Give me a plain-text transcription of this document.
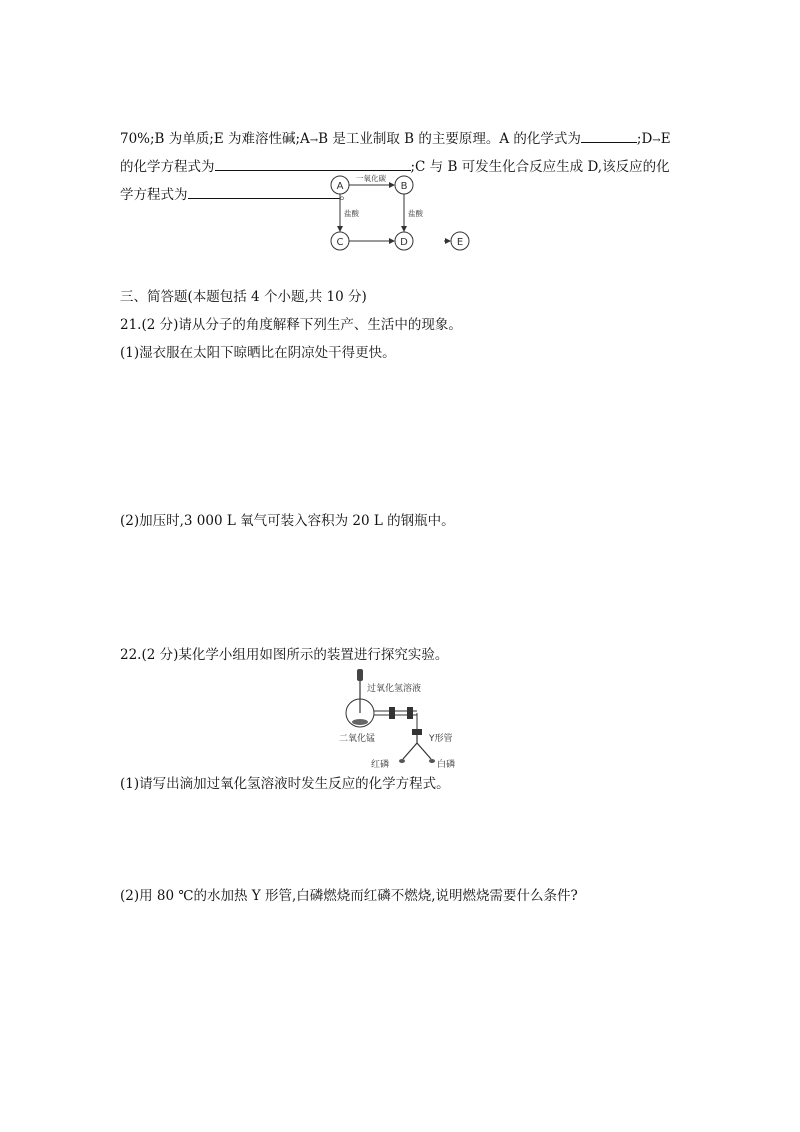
70%;B 为单质;E 为难溶性碱;A→B 是工业制取 B 的主要原理。A 的化学式为	;D→E
的化学方程式为	;C 与 B 可发生化合反应生成 D,该反应的化
学方程式为	。
A	B
C	D	E
一氧化碳
盐酸	盐酸
三、简答题(本题包括 4 个小题,共 10 分)
21.(2 分)请从分子的角度解释下列生产、生活中的现象。
(1)湿衣服在太阳下晾晒比在阴凉处干得更快。
(2)加压时,3 000 L 氧气可装入容积为 20 L 的钢瓶中。
22.(2 分)某化学小组用如图所示的装置进行探究实验。
过氧化氢溶液
二氧化锰	Y形管
红磷	白磷
(1)请写出滴加过氧化氢溶液时发生反应的化学方程式。
(2)用 80 ℃的水加热 Y 形管,白磷燃烧而红磷不燃烧,说明燃烧需要什么条件?
